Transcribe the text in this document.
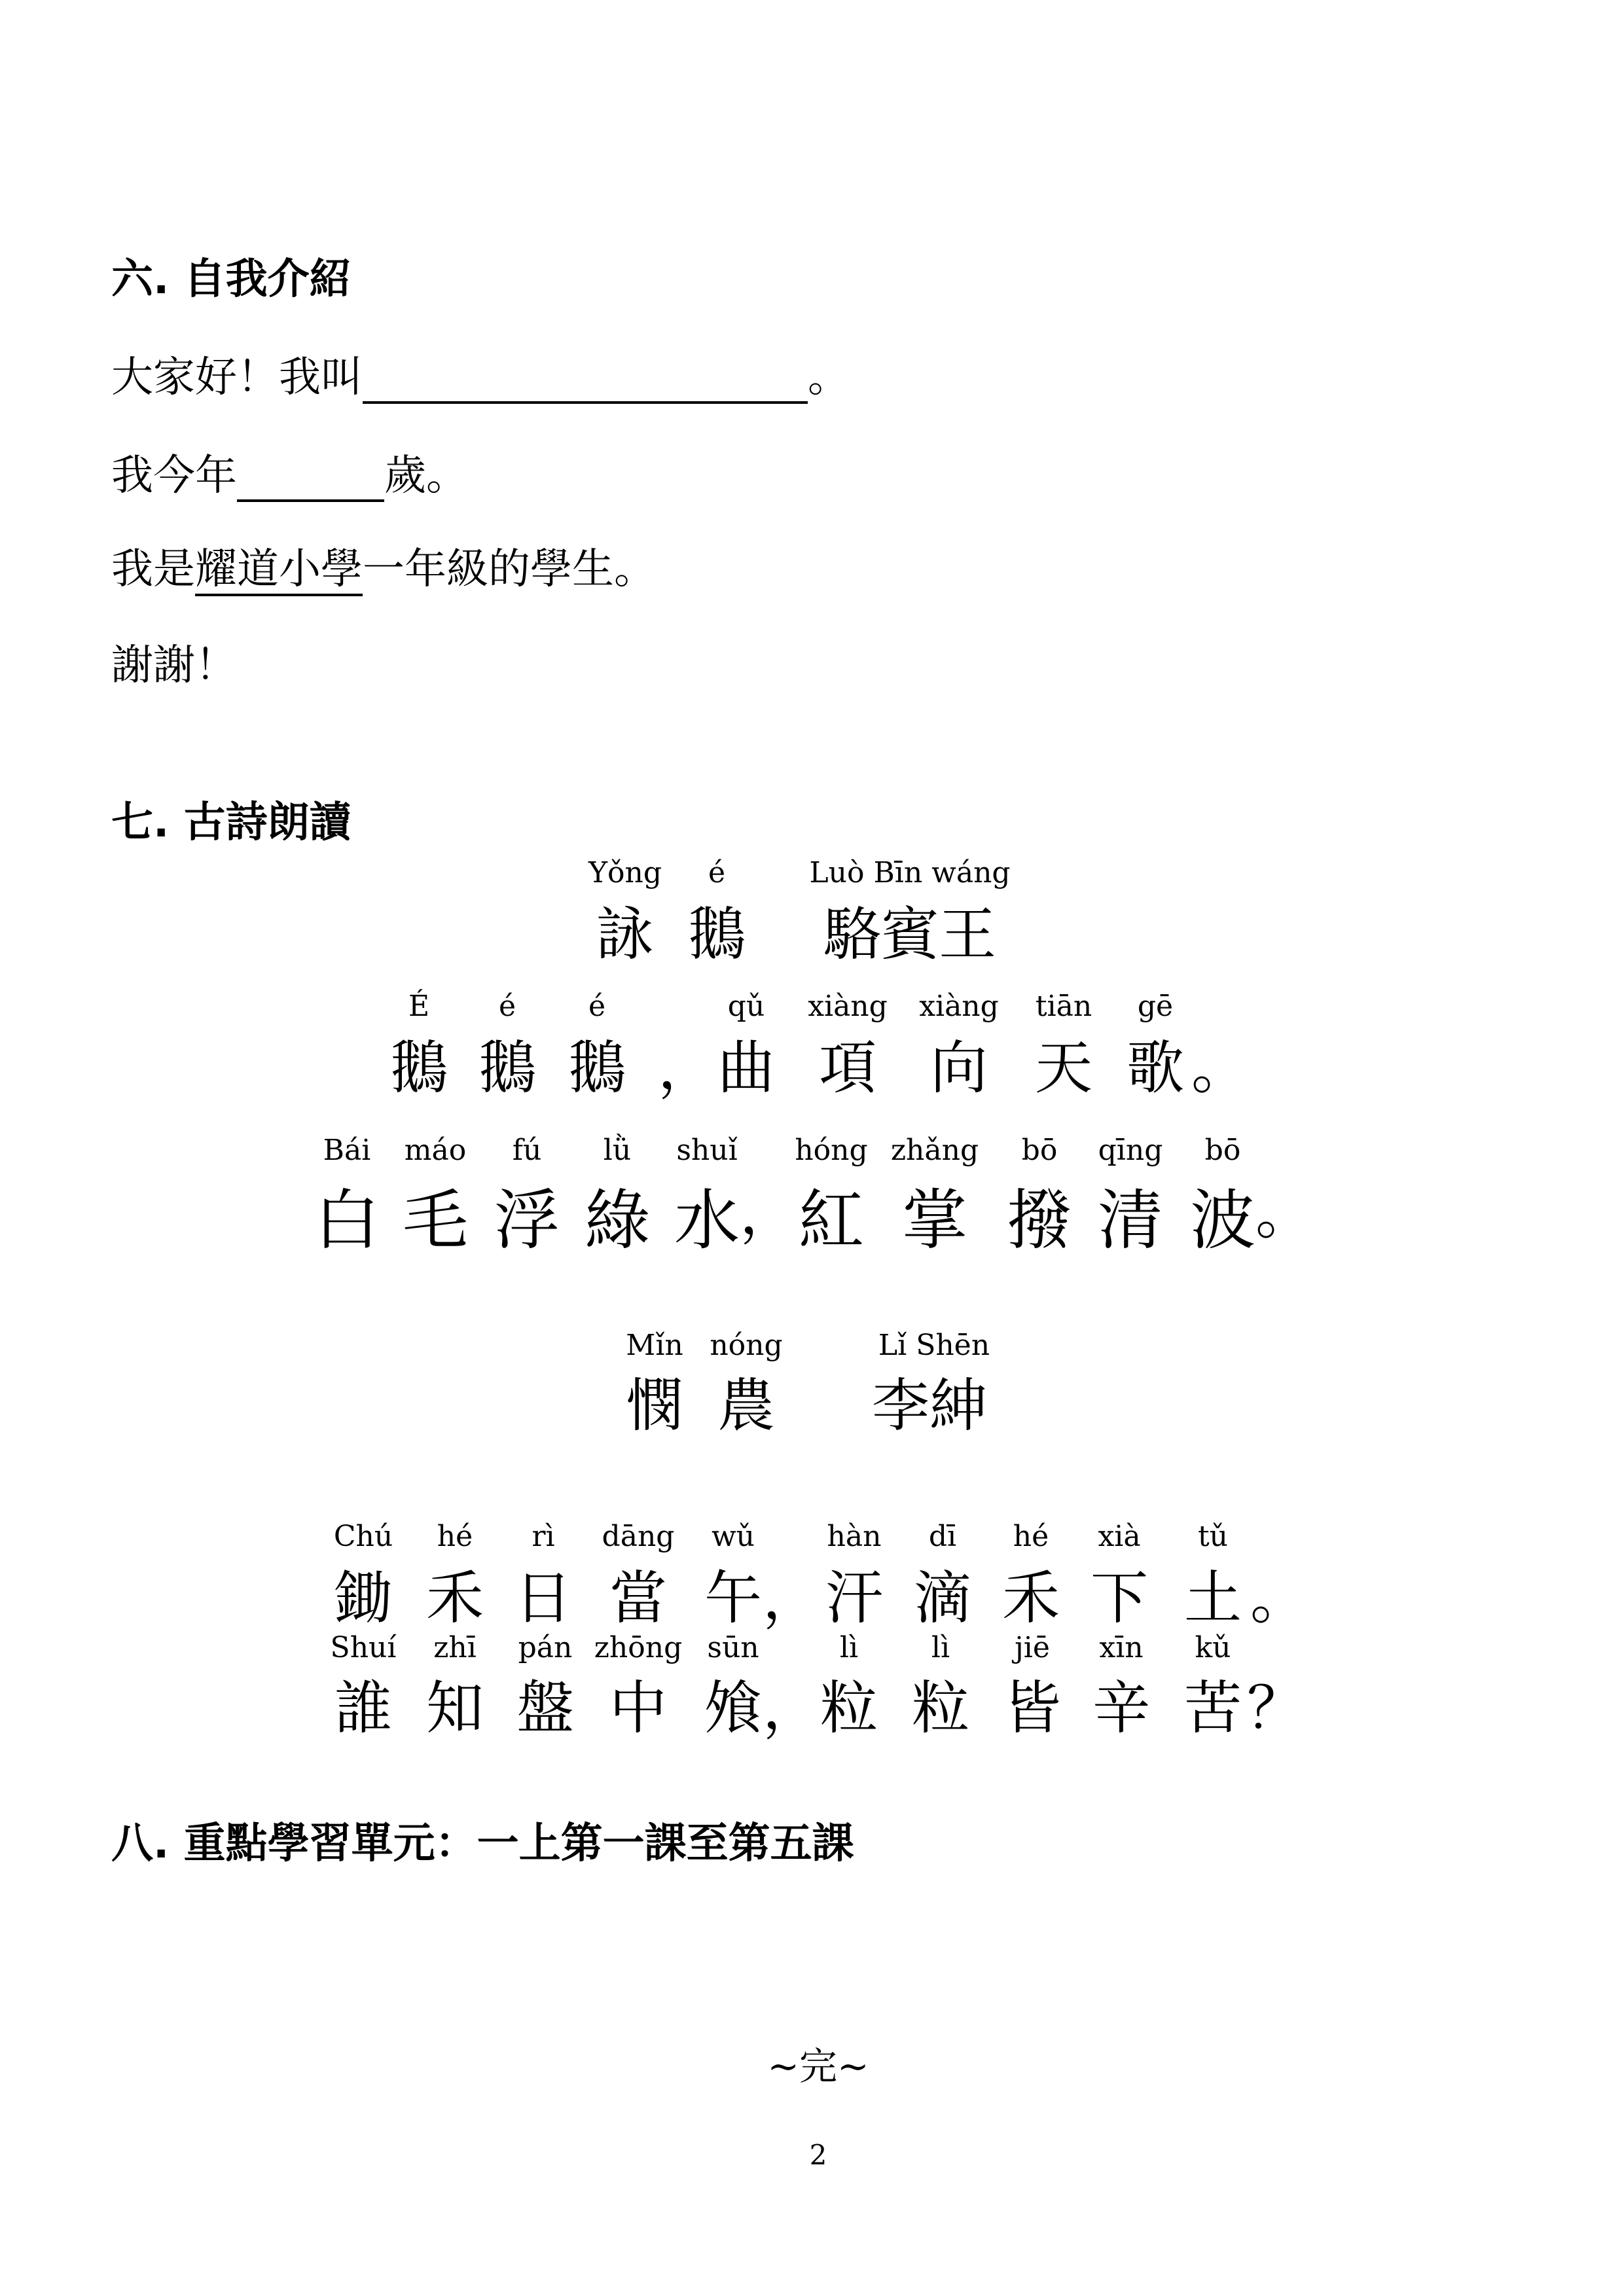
六. 自我介紹
大家好！我叫	。
我今年	歲。
我是耀道小學一年級的學生。
謝謝！
七. 古詩朗讀
Yǒng	é	Luò Bīn wáng
詠 鵝	駱賓王
É	é	é	qǔ	xiàng	xiàng	tiān	gē
鵝 鵝 鵝	曲 項 向 天 歌
，	。
Bái	máo	fú	lǜ	shuǐ	hóng zhǎng	bō	qīng	bō
白 毛 浮 綠 水 紅 掌 撥 清 波
，	。
Mǐn nóng	Lǐ Shēn
憫 農	李紳
Chú	hé	rì	dāng	wǔ	hàn	dī	hé	xià	tǔ
鋤 禾 日 當 午	汗 滴 禾 下 土
，	。
Shuí	zhī	pán zhōng sūn	lì	lì	jiē	xīn	kǔ
誰 知 盤 中 飧	粒 粒 皆 辛 苦
，	？
八. 重點學習單元：一上第一課至第五課
~完~
2
